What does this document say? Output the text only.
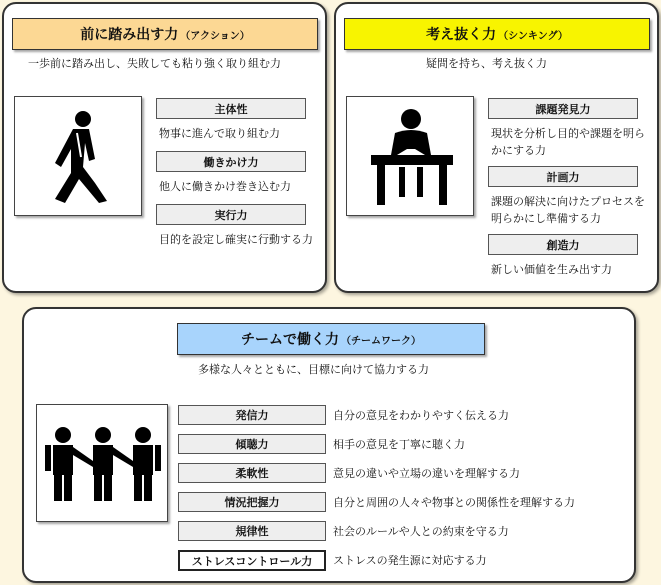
前に踏み出す力 （アクション）
一歩前に踏み出し、失敗しても粘り強く取り組む力
主体性
物事に進んで取り組む力
働きかけ力
他人に働きかけ巻き込む力
実行力
目的を設定し確実に行動する力
考え抜く力 （シンキング）
疑問を持ち、考え抜く力
課題発見力
現状を分析し目的や課題を明らかにする力
計画力
課題の解決に向けたプロセスを明らかにし準備する力
創造力
新しい価値を生み出す力
チームで働く力 （チームワーク）
多様な人々とともに、目標に向けて協力する力
発信力	自分の意見をわかりやすく伝える力
傾聴力	相手の意見を丁寧に聴く力
柔軟性	意見の違いや立場の違いを理解する力
情況把握力	自分と周囲の人々や物事との関係性を理解する力
規律性	社会のルールや人との約束を守る力
ストレスコントロール力	ストレスの発生源に対応する力
